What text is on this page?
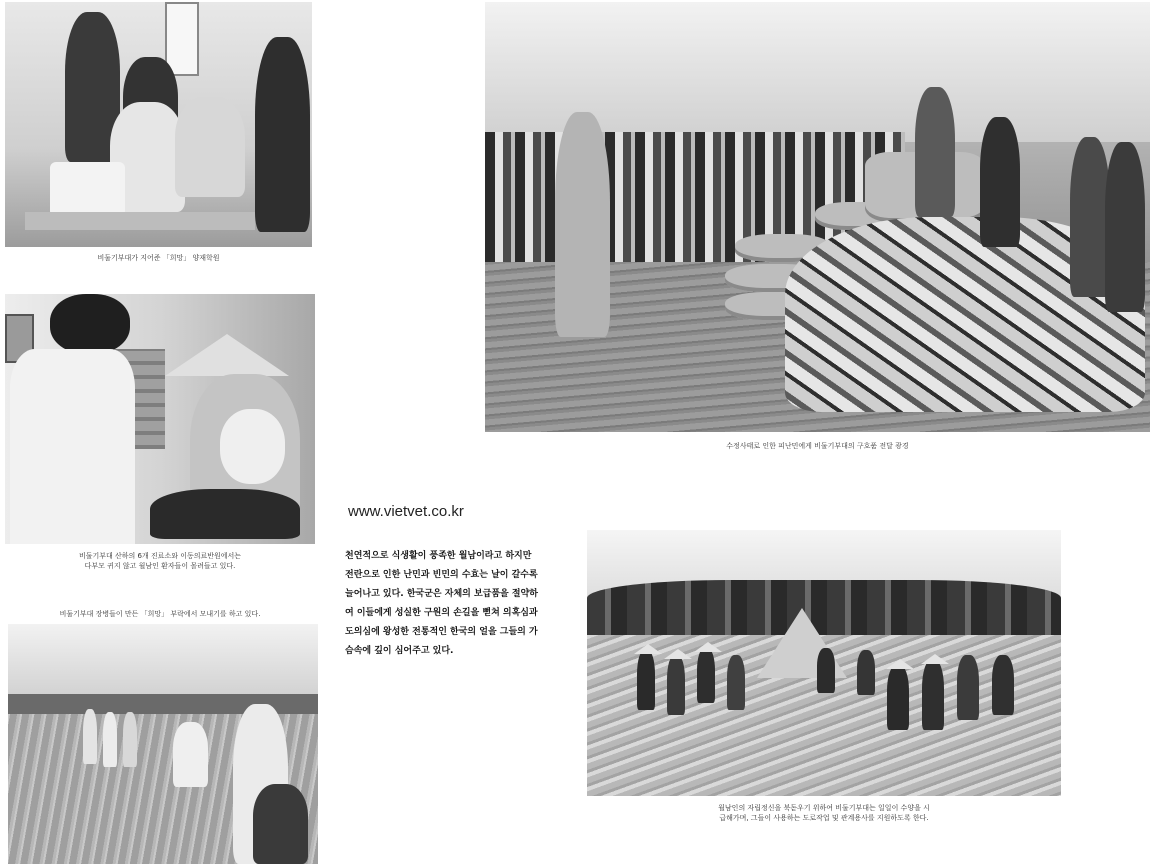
비둘기부대가 지어준 「희망」 양재학원
비둘기부대 산하의 6개 진료소와 이동의료반원에서는
다부모 귀지 않고 월남인 환자들이 몰려들고 있다.
비둘기부대 장병들이 만든 「희망」 부락에서 모내기를 하고 있다.
수정사태로 인한 피난민에게 비둘기부대의 구호품 전달 광경
www.vietvet.co.kr
천연적으로 식생활이 풍족한 월남이라고 하지만
전란으로 인한 난민과 빈민의 수효는 날이 갈수록
늘어나고 있다. 한국군은 자체의 보급품을 절약하
여 이들에게 성실한 구원의 손길을 뻗쳐 의혹심과
도의심에 왕성한 전통적인 한국의 얼을 그들의 가
슴속에 깊이 심어주고 있다.
월남인의 자립정신을 북돋우기 위하여 비둘기부대는 일일이 수양을 시
급해가며, 그들이 사용하는 도로작업 및 관계용사를 지원하도록 한다.
